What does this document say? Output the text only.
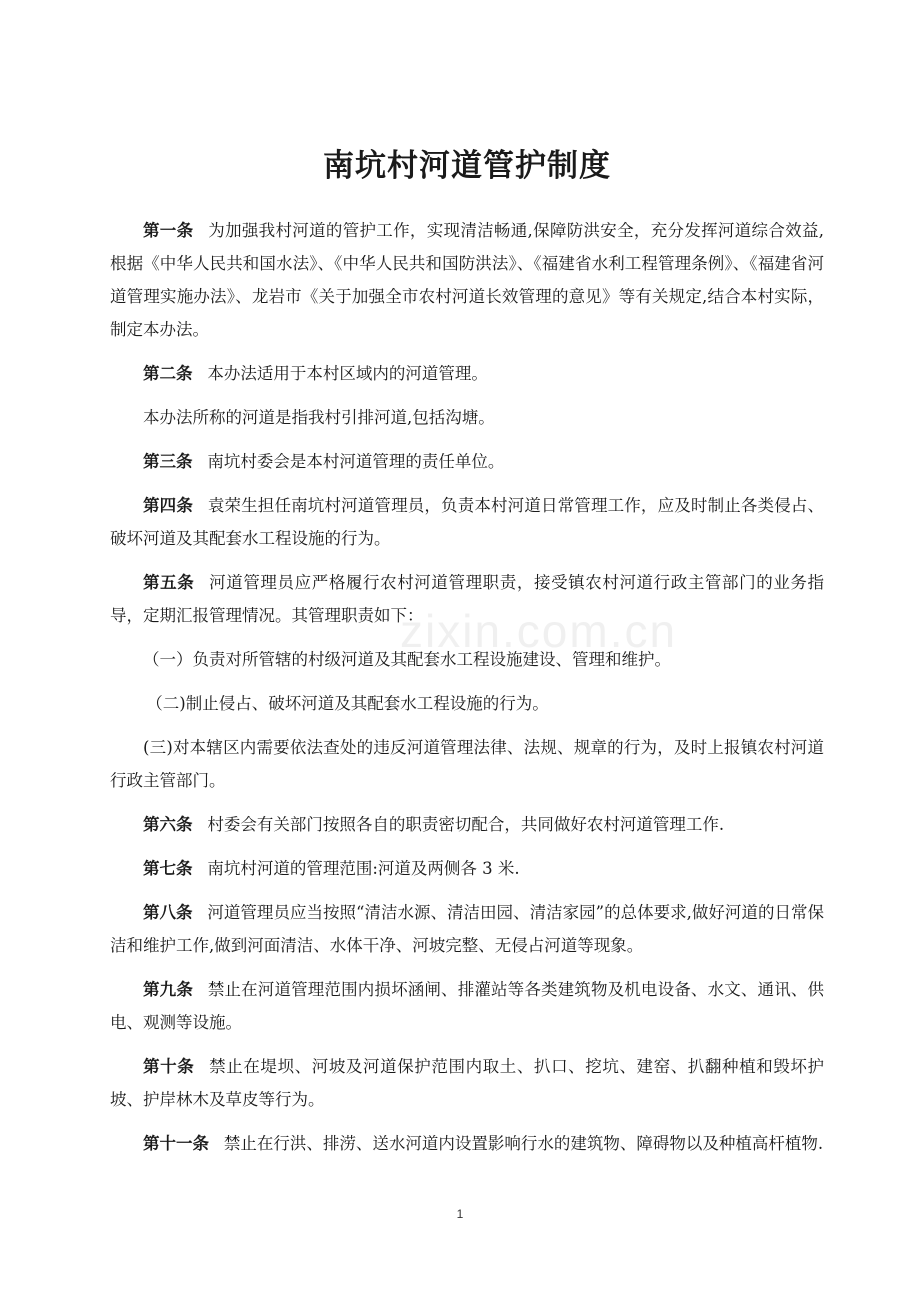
南坑村河道管护制度

第一条 为加强我村河道的管护工作，实现清洁畅通,保障防洪安全，充分发挥河道综合效益,根据《中华人民共和国水法》、《中华人民共和国防洪法》、《福建省水利工程管理条例》、《福建省河道管理实施办法》、龙岩市《关于加强全市农村河道长效管理的意见》等有关规定,结合本村实际，制定本办法。

第二条 本办法适用于本村区域内的河道管理。

本办法所称的河道是指我村引排河道,包括沟塘。

第三条 南坑村委会是本村河道管理的责任单位。

第四条 袁荣生担任南坑村河道管理员，负责本村河道日常管理工作，应及时制止各类侵占、破坏河道及其配套水工程设施的行为。

第五条 河道管理员应严格履行农村河道管理职责，接受镇农村河道行政主管部门的业务指导，定期汇报管理情况。其管理职责如下：

（一）负责对所管辖的村级河道及其配套水工程设施建设、管理和维护。

（二)制止侵占、破坏河道及其配套水工程设施的行为。

(三)对本辖区内需要依法查处的违反河道管理法律、法规、规章的行为，及时上报镇农村河道行政主管部门。

第六条 村委会有关部门按照各自的职责密切配合，共同做好农村河道管理工作.

第七条 南坑村河道的管理范围:河道及两侧各 3 米.

第八条 河道管理员应当按照“清洁水源、清洁田园、清洁家园”的总体要求,做好河道的日常保洁和维护工作,做到河面清洁、水体干净、河坡完整、无侵占河道等现象。

第九条 禁止在河道管理范围内损坏涵闸、排灌站等各类建筑物及机电设备、水文、通讯、供电、观测等设施。

第十条 禁止在堤坝、河坡及河道保护范围内取土、扒口、挖坑、建窑、扒翻种植和毁坏护坡、护岸林木及草皮等行为。

第十一条 禁止在行洪、排涝、送水河道内设置影响行水的建筑物、障碍物以及种植高杆植物.

zixin.com.cn
1
